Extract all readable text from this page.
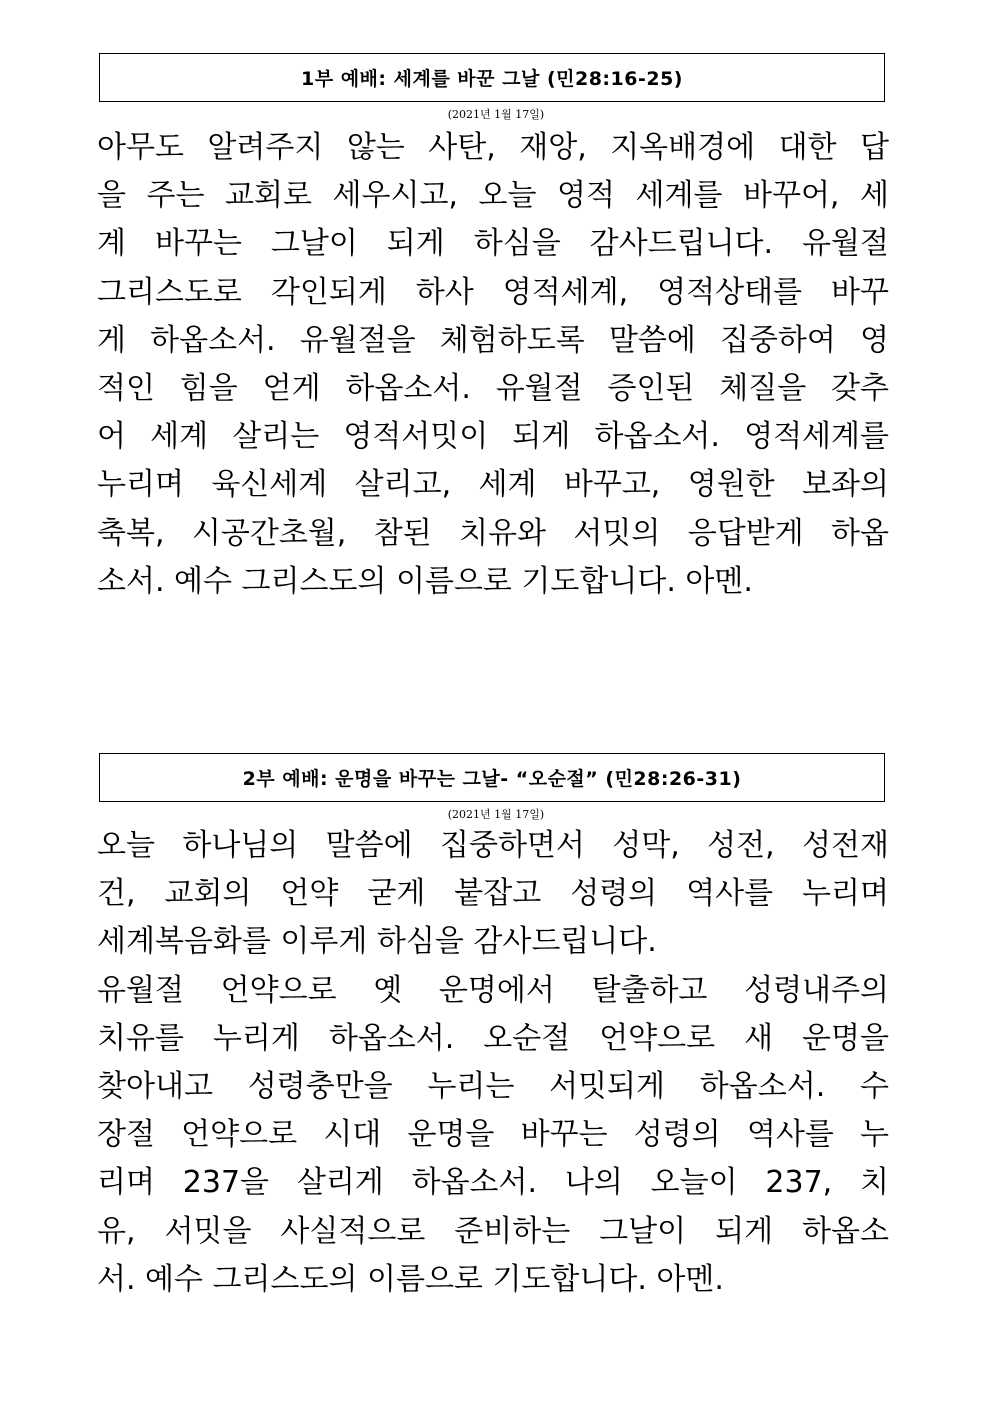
1부 예배: 세계를 바꾼 그날 (민28:16-25)
(2021년 1월 17일)
아무도 알려주지 않는 사탄, 재앙, 지옥배경에 대한 답
을 주는 교회로 세우시고, 오늘 영적 세계를 바꾸어, 세
계 바꾸는 그날이 되게 하심을 감사드립니다. 유월절
그리스도로 각인되게 하사 영적세계, 영적상태를 바꾸
게 하옵소서. 유월절을 체험하도록 말씀에 집중하여 영
적인 힘을 얻게 하옵소서. 유월절 증인된 체질을 갖추
어 세계 살리는 영적서밋이 되게 하옵소서. 영적세계를
누리며 육신세계 살리고, 세계 바꾸고, 영원한 보좌의
축복, 시공간초월, 참된 치유와 서밋의 응답받게 하옵
소서. 예수 그리스도의 이름으로 기도합니다. 아멘.
2부 예배: 운명을 바꾸는 그날- “오순절” (민28:26-31)
(2021년 1월 17일)
오늘 하나님의 말씀에 집중하면서 성막, 성전, 성전재
건, 교회의 언약 굳게 붙잡고 성령의 역사를 누리며
세계복음화를 이루게 하심을 감사드립니다.
유월절 언약으로 옛 운명에서 탈출하고 성령내주의
치유를 누리게 하옵소서. 오순절 언약으로 새 운명을
찾아내고 성령충만을 누리는 서밋되게 하옵소서. 수
장절 언약으로 시대 운명을 바꾸는 성령의 역사를 누
리며 237을 살리게 하옵소서. 나의 오늘이 237, 치
유, 서밋을 사실적으로 준비하는 그날이 되게 하옵소
서. 예수 그리스도의 이름으로 기도합니다. 아멘.
